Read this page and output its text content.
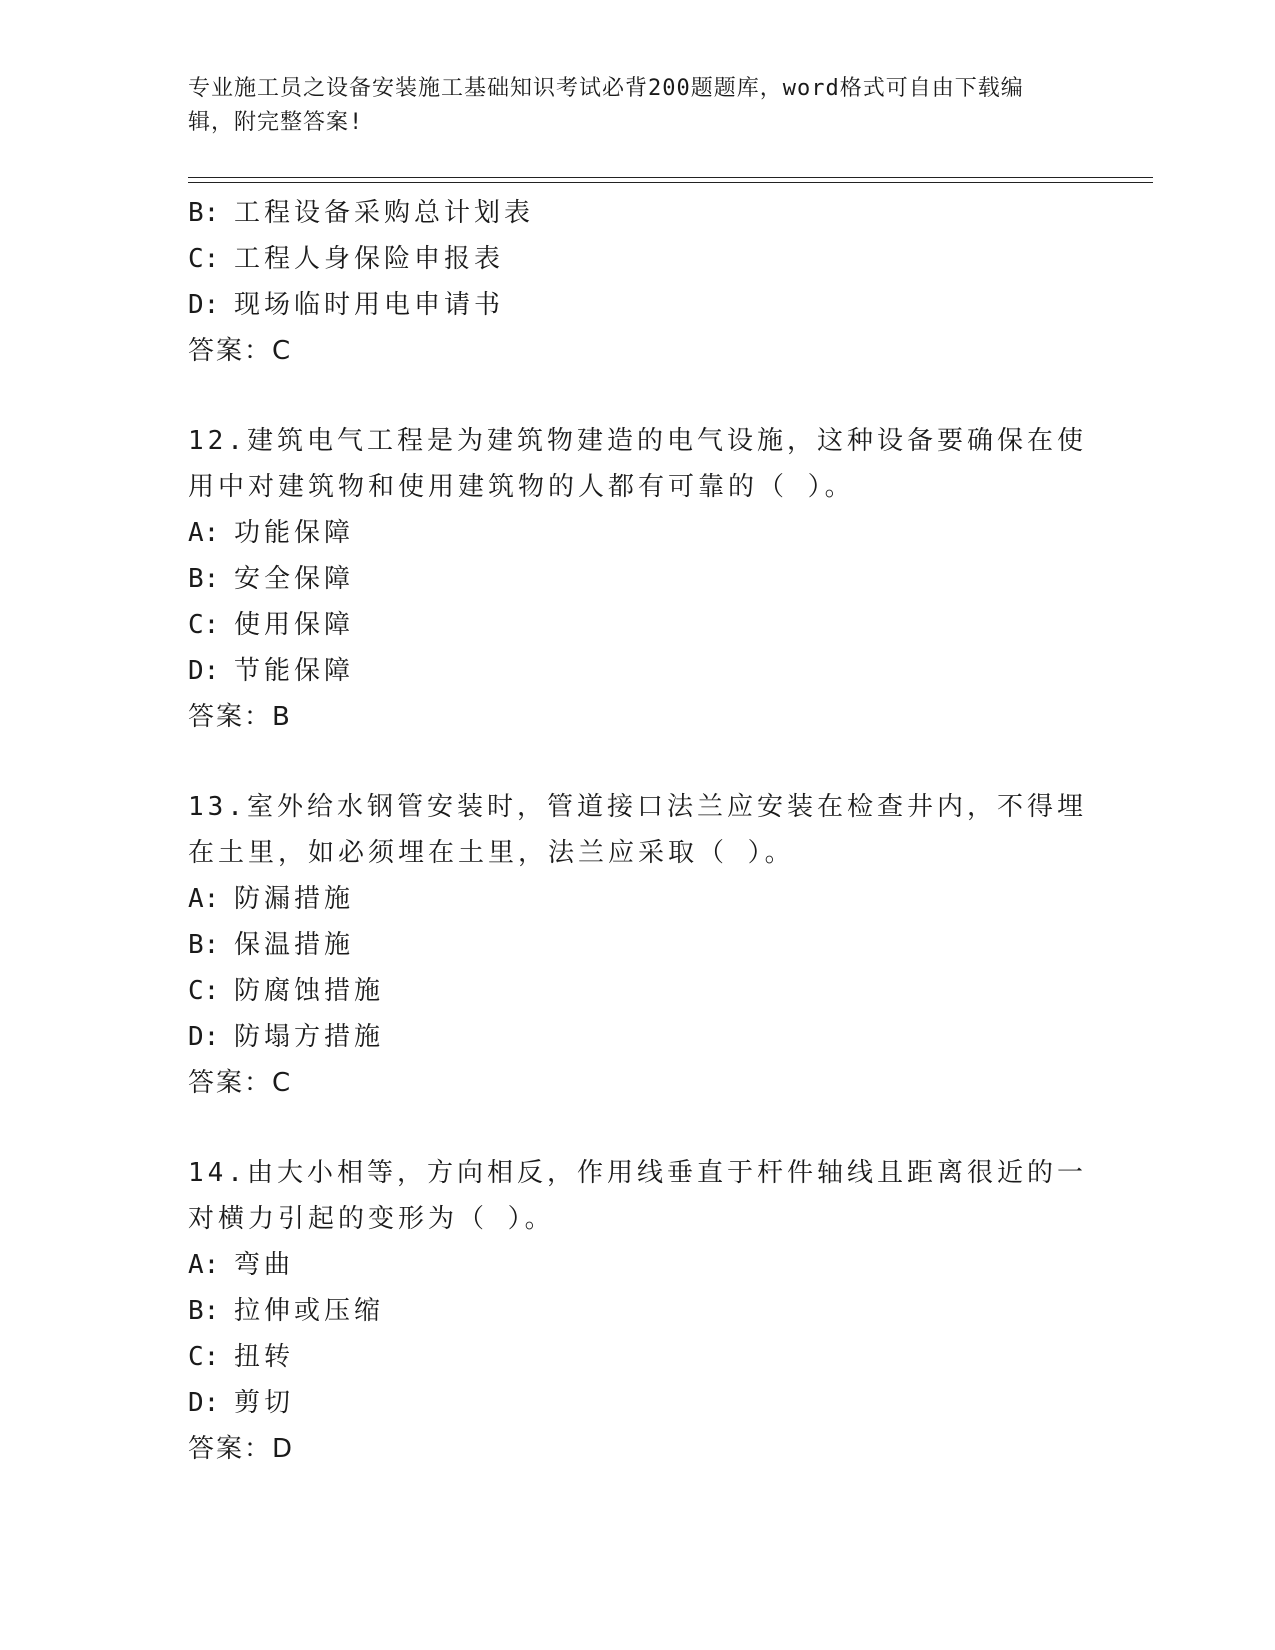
专业施工员之设备安装施工基础知识考试必背200题题库，word格式可自由下载编辑，附完整答案!
B: 工程设备采购总计划表
C: 工程人身保险申报表
D: 现场临时用电申请书
答案：C
12.建筑电气工程是为建筑物建造的电气设施，这种设备要确保在使用中对建筑物和使用建筑物的人都有可靠的（ ）。
A: 功能保障
B: 安全保障
C: 使用保障
D: 节能保障
答案：B
13.室外给水钢管安装时，管道接口法兰应安装在检查井内，不得埋在土里，如必须埋在土里，法兰应采取（ ）。
A: 防漏措施
B: 保温措施
C: 防腐蚀措施
D: 防塌方措施
答案：C
14.由大小相等，方向相反，作用线垂直于杆件轴线且距离很近的一对横力引起的变形为（ ）。
A: 弯曲
B: 拉伸或压缩
C: 扭转
D: 剪切
答案：D
